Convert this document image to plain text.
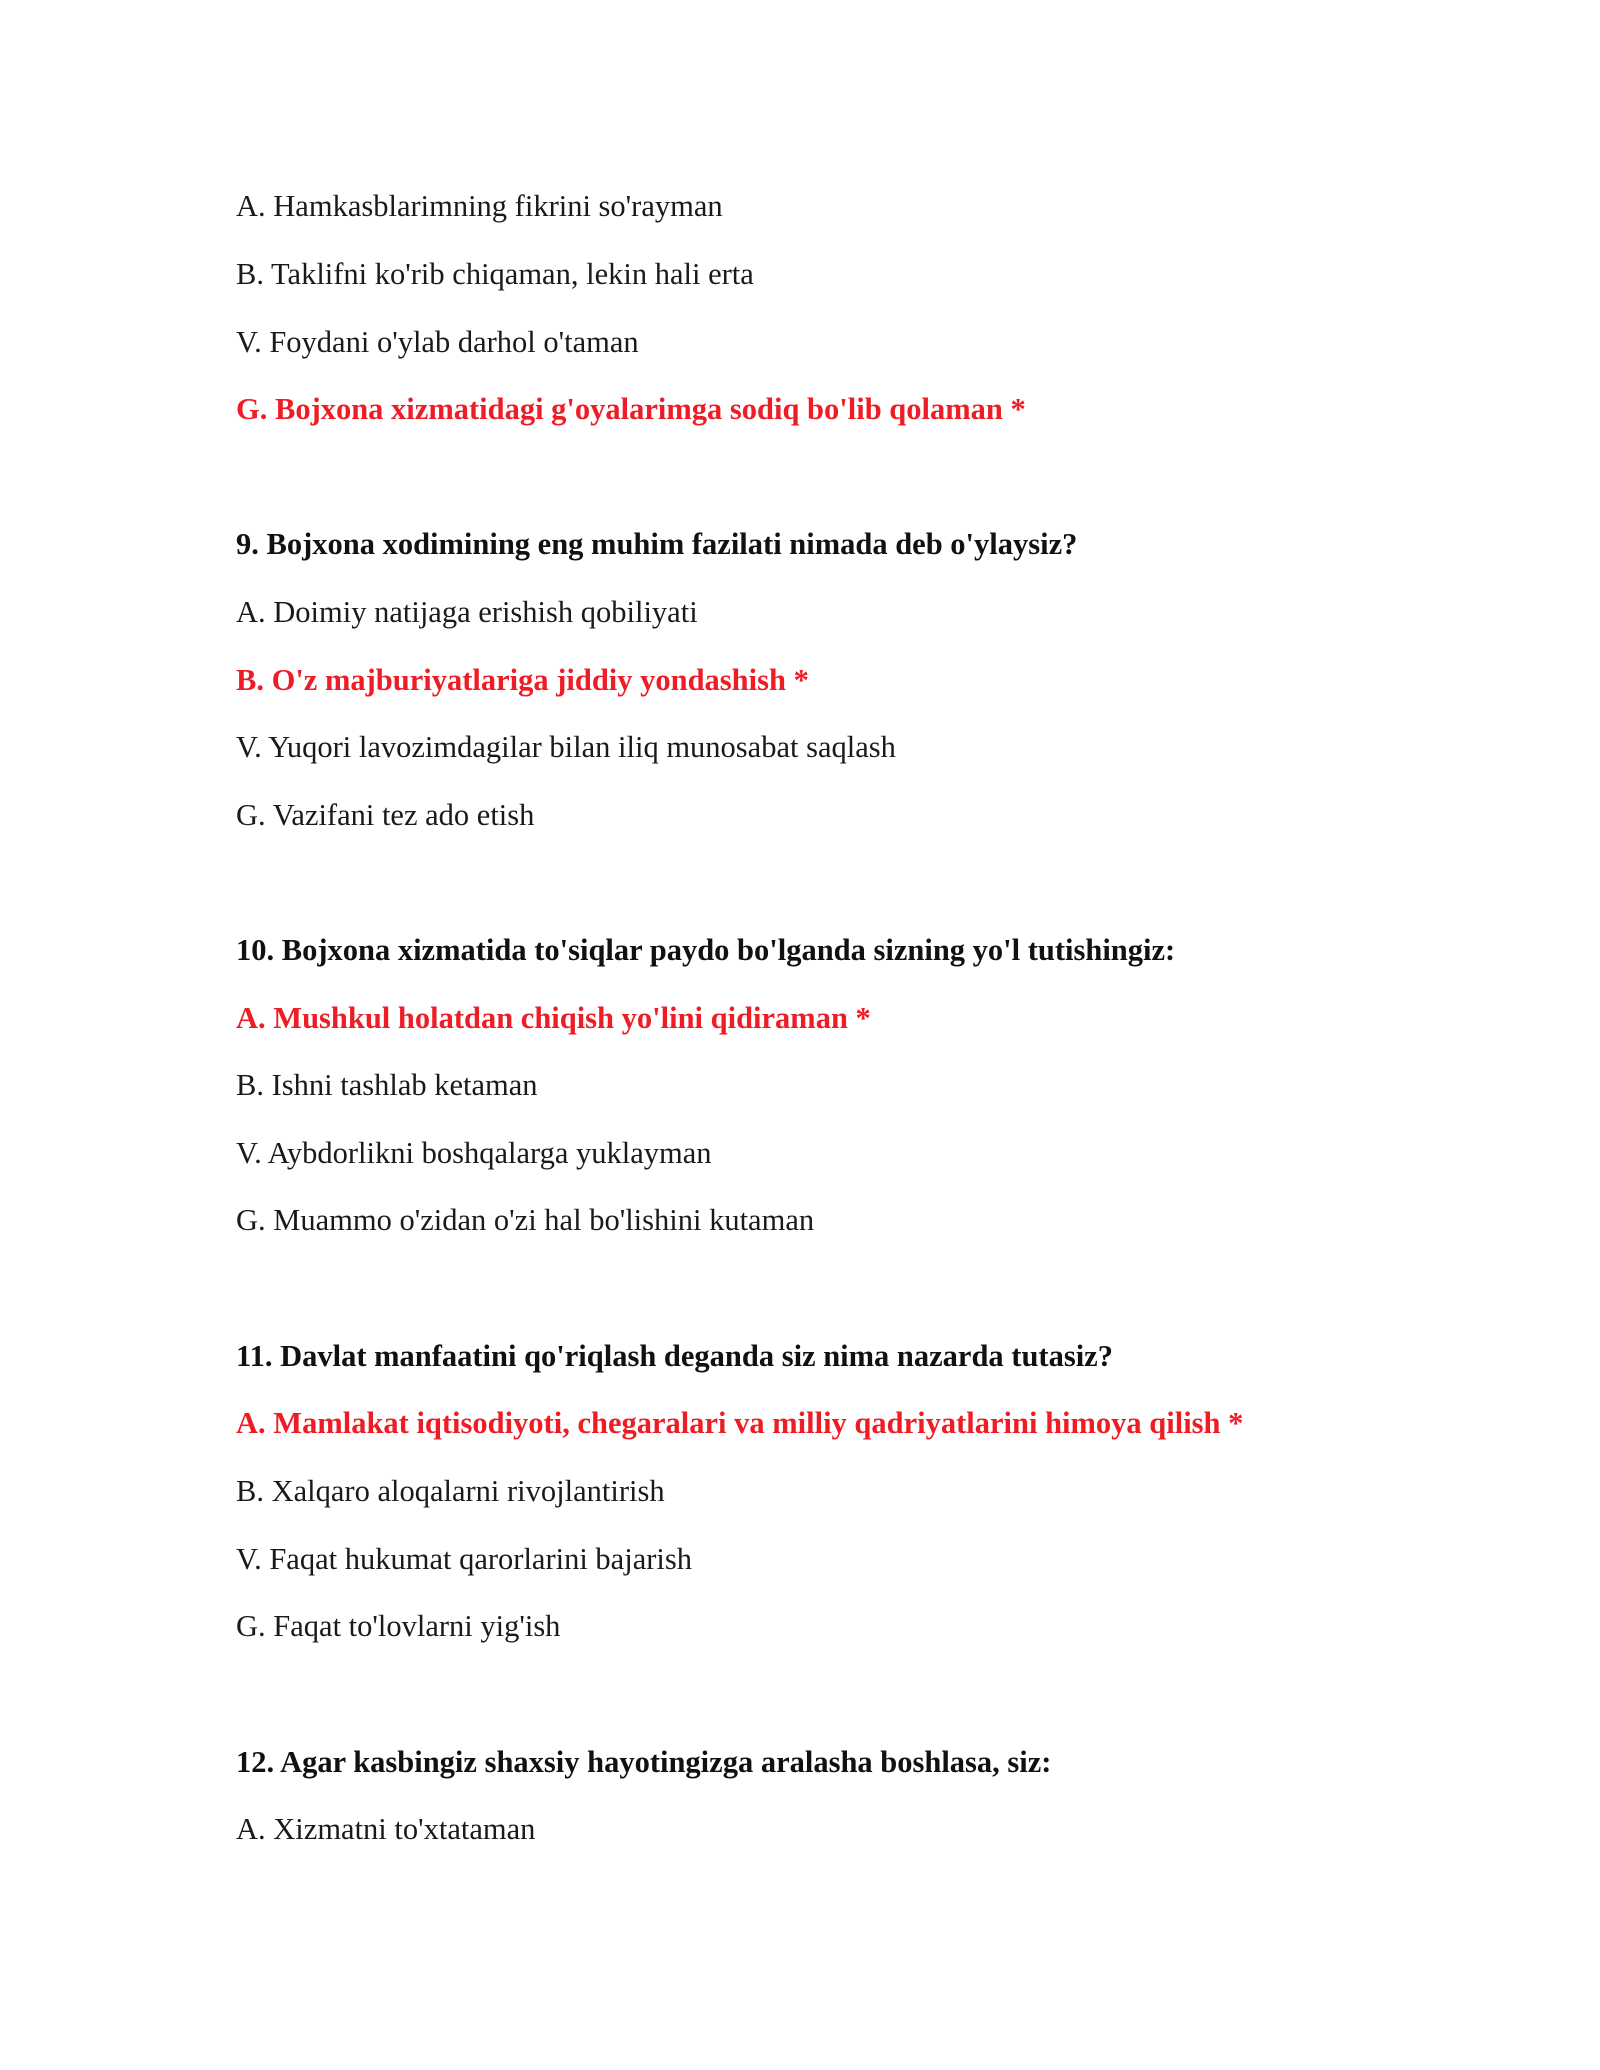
A. Hamkasblarimning fikrini so'rayman
B. Taklifni ko'rib chiqaman, lekin hali erta
V. Foydani o'ylab darhol o'taman
G. Bojxona xizmatidagi g'oyalarimga sodiq bo'lib qolaman *
9. Bojxona xodimining eng muhim fazilati nimada deb o'ylaysiz?
A. Doimiy natijaga erishish qobiliyati
B. O'z majburiyatlariga jiddiy yondashish *
V. Yuqori lavozimdagilar bilan iliq munosabat saqlash
G. Vazifani tez ado etish
10. Bojxona xizmatida to'siqlar paydo bo'lganda sizning yo'l tutishingiz:
A. Mushkul holatdan chiqish yo'lini qidiraman *
B. Ishni tashlab ketaman
V. Aybdorlikni boshqalarga yuklayman
G. Muammo o'zidan o'zi hal bo'lishini kutaman
11. Davlat manfaatini qo'riqlash deganda siz nima nazarda tutasiz?
A. Mamlakat iqtisodiyoti, chegaralari va milliy qadriyatlarini himoya qilish *
B. Xalqaro aloqalarni rivojlantirish
V. Faqat hukumat qarorlarini bajarish
G. Faqat to'lovlarni yig'ish
12. Agar kasbingiz shaxsiy hayotingizga aralasha boshlasa, siz:
A. Xizmatni to'xtataman
